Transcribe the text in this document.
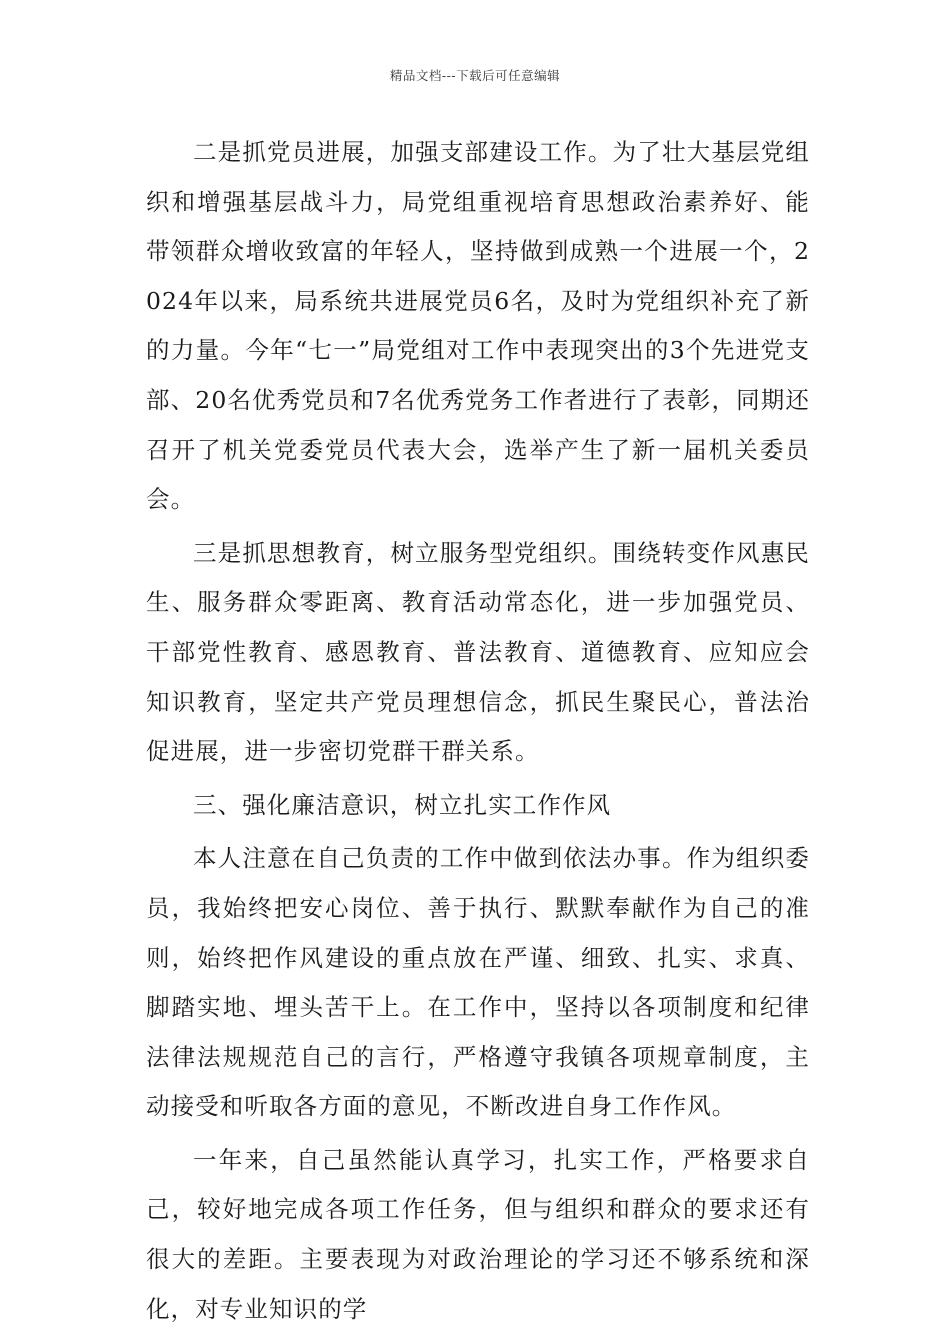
精品文档---下载后可任意编辑

二是抓党员进展，加强支部建设工作。为了壮大基层党组织和增强基层战斗力，局党组重视培育思想政治素养好、能带领群众增收致富的年轻人，坚持做到成熟一个进展一个，2024年以来，局系统共进展党员6名，及时为党组织补充了新的力量。今年“七一”局党组对工作中表现突出的3个先进党支部、20名优秀党员和7名优秀党务工作者进行了表彰，同期还召开了机关党委党员代表大会，选举产生了新一届机关委员会。

三是抓思想教育，树立服务型党组织。围绕转变作风惠民生、服务群众零距离、教育活动常态化，进一步加强党员、干部党性教育、感恩教育、普法教育、道德教育、应知应会知识教育，坚定共产党员理想信念，抓民生聚民心，普法治促进展，进一步密切党群干群关系。

三、强化廉洁意识，树立扎实工作作风

本人注意在自己负责的工作中做到依法办事。作为组织委员，我始终把安心岗位、善于执行、默默奉献作为自己的准则，始终把作风建设的重点放在严谨、细致、扎实、求真、脚踏实地、埋头苦干上。在工作中，坚持以各项制度和纪律法律法规规范自己的言行，严格遵守我镇各项规章制度，主动接受和听取各方面的意见，不断改进自身工作作风。

一年来，自己虽然能认真学习，扎实工作，严格要求自己，较好地完成各项工作任务，但与组织和群众的要求还有很大的差距。主要表现为对政治理论的学习还不够系统和深化，对专业知识的学
